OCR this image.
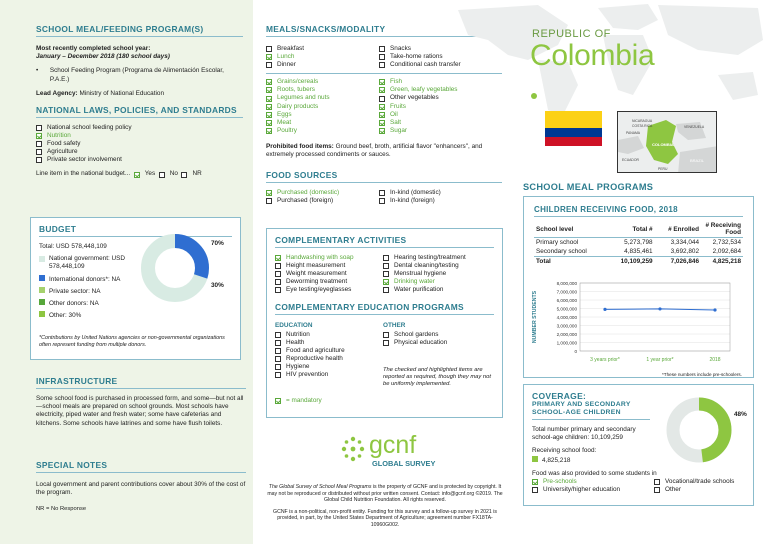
SCHOOL MEAL/FEEDING PROGRAM(S)
Most recently completed school year:
January – December 2018 (180 school days)
•	School Feeding Program (Programa de Alimentación Escolar, P.A.E.)
Lead Agency: Ministry of National Education
NATIONAL LAWS, POLICIES, AND STANDARDS
National school feeding policy
Nutrition
Food safety
Agriculture
Private sector involvement
Line item in the national budget...
Yes
No
NR
BUDGET
Total: USD 578,448,109
National government: USD 578,448,109
International donors*: NA
Private sector: NA
Other donors: NA
Other: 30%
70%
30%
*Contributions by United Nations agencies or non-governmental organizations often represent funding from multiple donors.
INFRASTRUCTURE
Some school food is purchased in processed form, and some—but not all—school meals are prepared on school grounds. Most schools have electricity, piped water and fresh water; some have cafeterias and kitchens. Some schools have latrines and some have flush toilets.
SPECIAL NOTES
Local government and parent contributions cover about 30% of the cost of the program.
NR = No Response
MEALS/SNACKS/MODALITY
Breakfast
Lunch
Dinner
Snacks
Take-home rations
Conditional cash transfer
Grains/cereals
Roots, tubers
Legumes and nuts
Dairy products
Eggs
Meat
Poultry
Fish
Green, leafy vegetables
Other vegetables
Fruits
Oil
Salt
Sugar
Prohibited food items: Ground beef, broth, artificial flavor "enhancers", and extremely processed condiments or sauces.
FOOD SOURCES
Purchased (domestic)
Purchased (foreign)
In-kind (domestic)
In-kind (foreign)
COMPLEMENTARY ACTIVITIES
Handwashing with soap
Height measurement
Weight measurement
Deworming treatment
Eye testing/eyeglasses
Hearing testing/treatment
Dental cleaning/testing
Menstrual hygiene
Drinking water
Water purification
COMPLEMENTARY EDUCATION PROGRAMS
EDUCATION
Nutrition
Health
Food and agriculture
Reproductive health
Hygiene
HIV prevention
OTHER
School gardens
Physical education
The checked and highlighted items are reported as required, though they may not be uniformly implemented.
= mandatory
gcnf
GLOBAL SURVEY
The Global Survey of School Meal Programs is the property of GCNF and is protected by copyright. It may not be reproduced or distributed without prior written consent. Contact: info@gcnf.org ©2019. The Global Child Nutrition Foundation. All rights reserved.
GCNF is a non-political, non-profit entity. Funding for this survey and a follow-up survey in 2021 is provided, in part, by the United States Department of Agriculture; agreement number FX18TA-10960G002.
REPUBLIC OF
Colombia
NICARAGUA
COSTA RICA
PANAMA
VENEZUELA
COLOMBIA
ECUADOR
PERU
BRAZIL
SCHOOL MEAL PROGRAMS
CHILDREN RECEIVING FOOD, 2018
School level	Total #	# Enrolled	# Receiving Food
Primary school	5,273,798	3,334,044	2,732,534
Secondary school	4,835,461	3,692,802	2,092,684
Total	10,109,259	7,026,846	4,825,218
NUMBER STUDENTS
8,000,000
7,000,000
6,000,000
5,000,000
4,000,000
3,000,000
2,000,000
1,000,000
0
3 years prior*	1 year prior*	2018
*These numbers include pre-schoolers.
COVERAGE:
PRIMARY AND SECONDARY SCHOOL-AGE CHILDREN
Total number primary and secondary school-age children: 10,109,259
Receiving school food:
4,825,218
Food was also provided to some students in
Pre-schools	Vocational/trade schools
University/higher education	Other
48%
